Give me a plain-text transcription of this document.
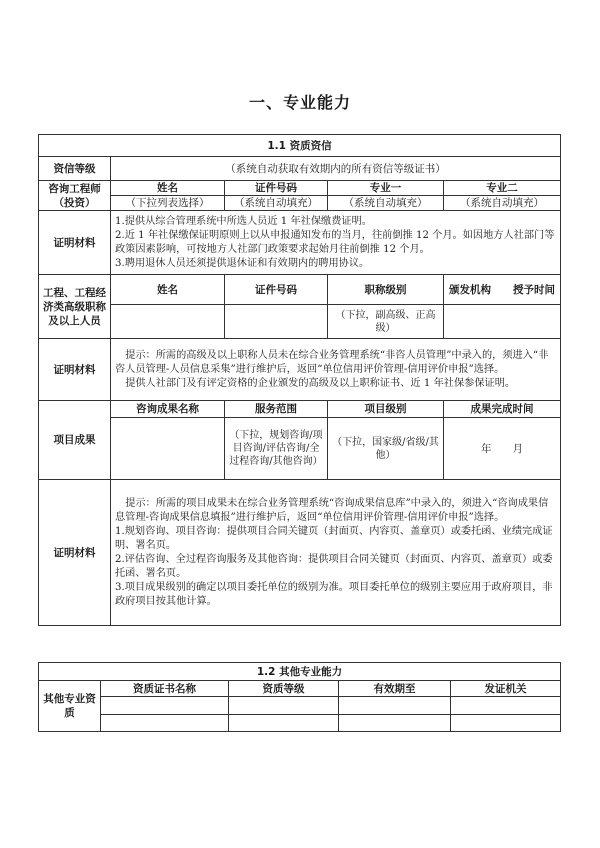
一、专业能力
1.1 资质资信				
资信等级	（系统自动获取有效期内的所有资信等级证书）			
咨询工程师
（投资）	姓名	证件号码	专业一	专业二
	（下拉列表选择）	（系统自动填充）	（系统自动填充）	（系统自动填充）
证明材料	1.提供从综合管理系统中所选人员近 1 年社保缴费证明。
2.近 1 年社保缴保证明原则上以从申报通知发布的当月，往前倒推 12 个月。如因地方人社部门等政策因素影响，可按地方人社部门政策要求起始月往前倒推 12 个月。
3.聘用退休人员还须提供退休证和有效期内的聘用协议。			

工程、工程经济类高级职称及以上人员	姓名	证件号码	职称级别	颁发机构 授予时间
			（下拉，副高级、正高级）	
证明材料	提示：所需的高级及以上职称人员未在综合业务管理系统“非咨人员管理”中录入的，须进入“非咨人员管理-人员信息采集”进行维护后，返回“单位信用评价管理-信用评价申报”选择。
提供人社部门及有评定资格的企业颁发的高级及以上职称证书、近 1 年社保参保证明。			

项目成果	咨询成果名称	服务范围	项目级别	成果完成时间
		（下拉，规划咨询/项目咨询/评估咨询/全过程咨询/其他咨询）	（下拉，国家级/省级/其他）	年　　月
证明材料	提示：所需的项目成果未在综合业务管理系统“咨询成果信息库”中录入的，须进入“咨询成果信息管理-咨询成果信息填报”进行维护后，返回“单位信用评价管理-信用评价申报”选择。
1.规划咨询、项目咨询：提供项目合同关键页（封面页、内容页、盖章页）或委托函、业绩完成证明、署名页。
2.评估咨询、全过程咨询服务及其他咨询：提供项目合同关键页（封面页、内容页、盖章页）或委托函、署名页。
3.项目成果级别的确定以项目委托单位的级别为准。项目委托单位的级别主要应用于政府项目，非政府项目按其他计算。			
1.2 其他专业能力				
其他专业资质	资质证书名称	资质等级	有效期至	发证机关
